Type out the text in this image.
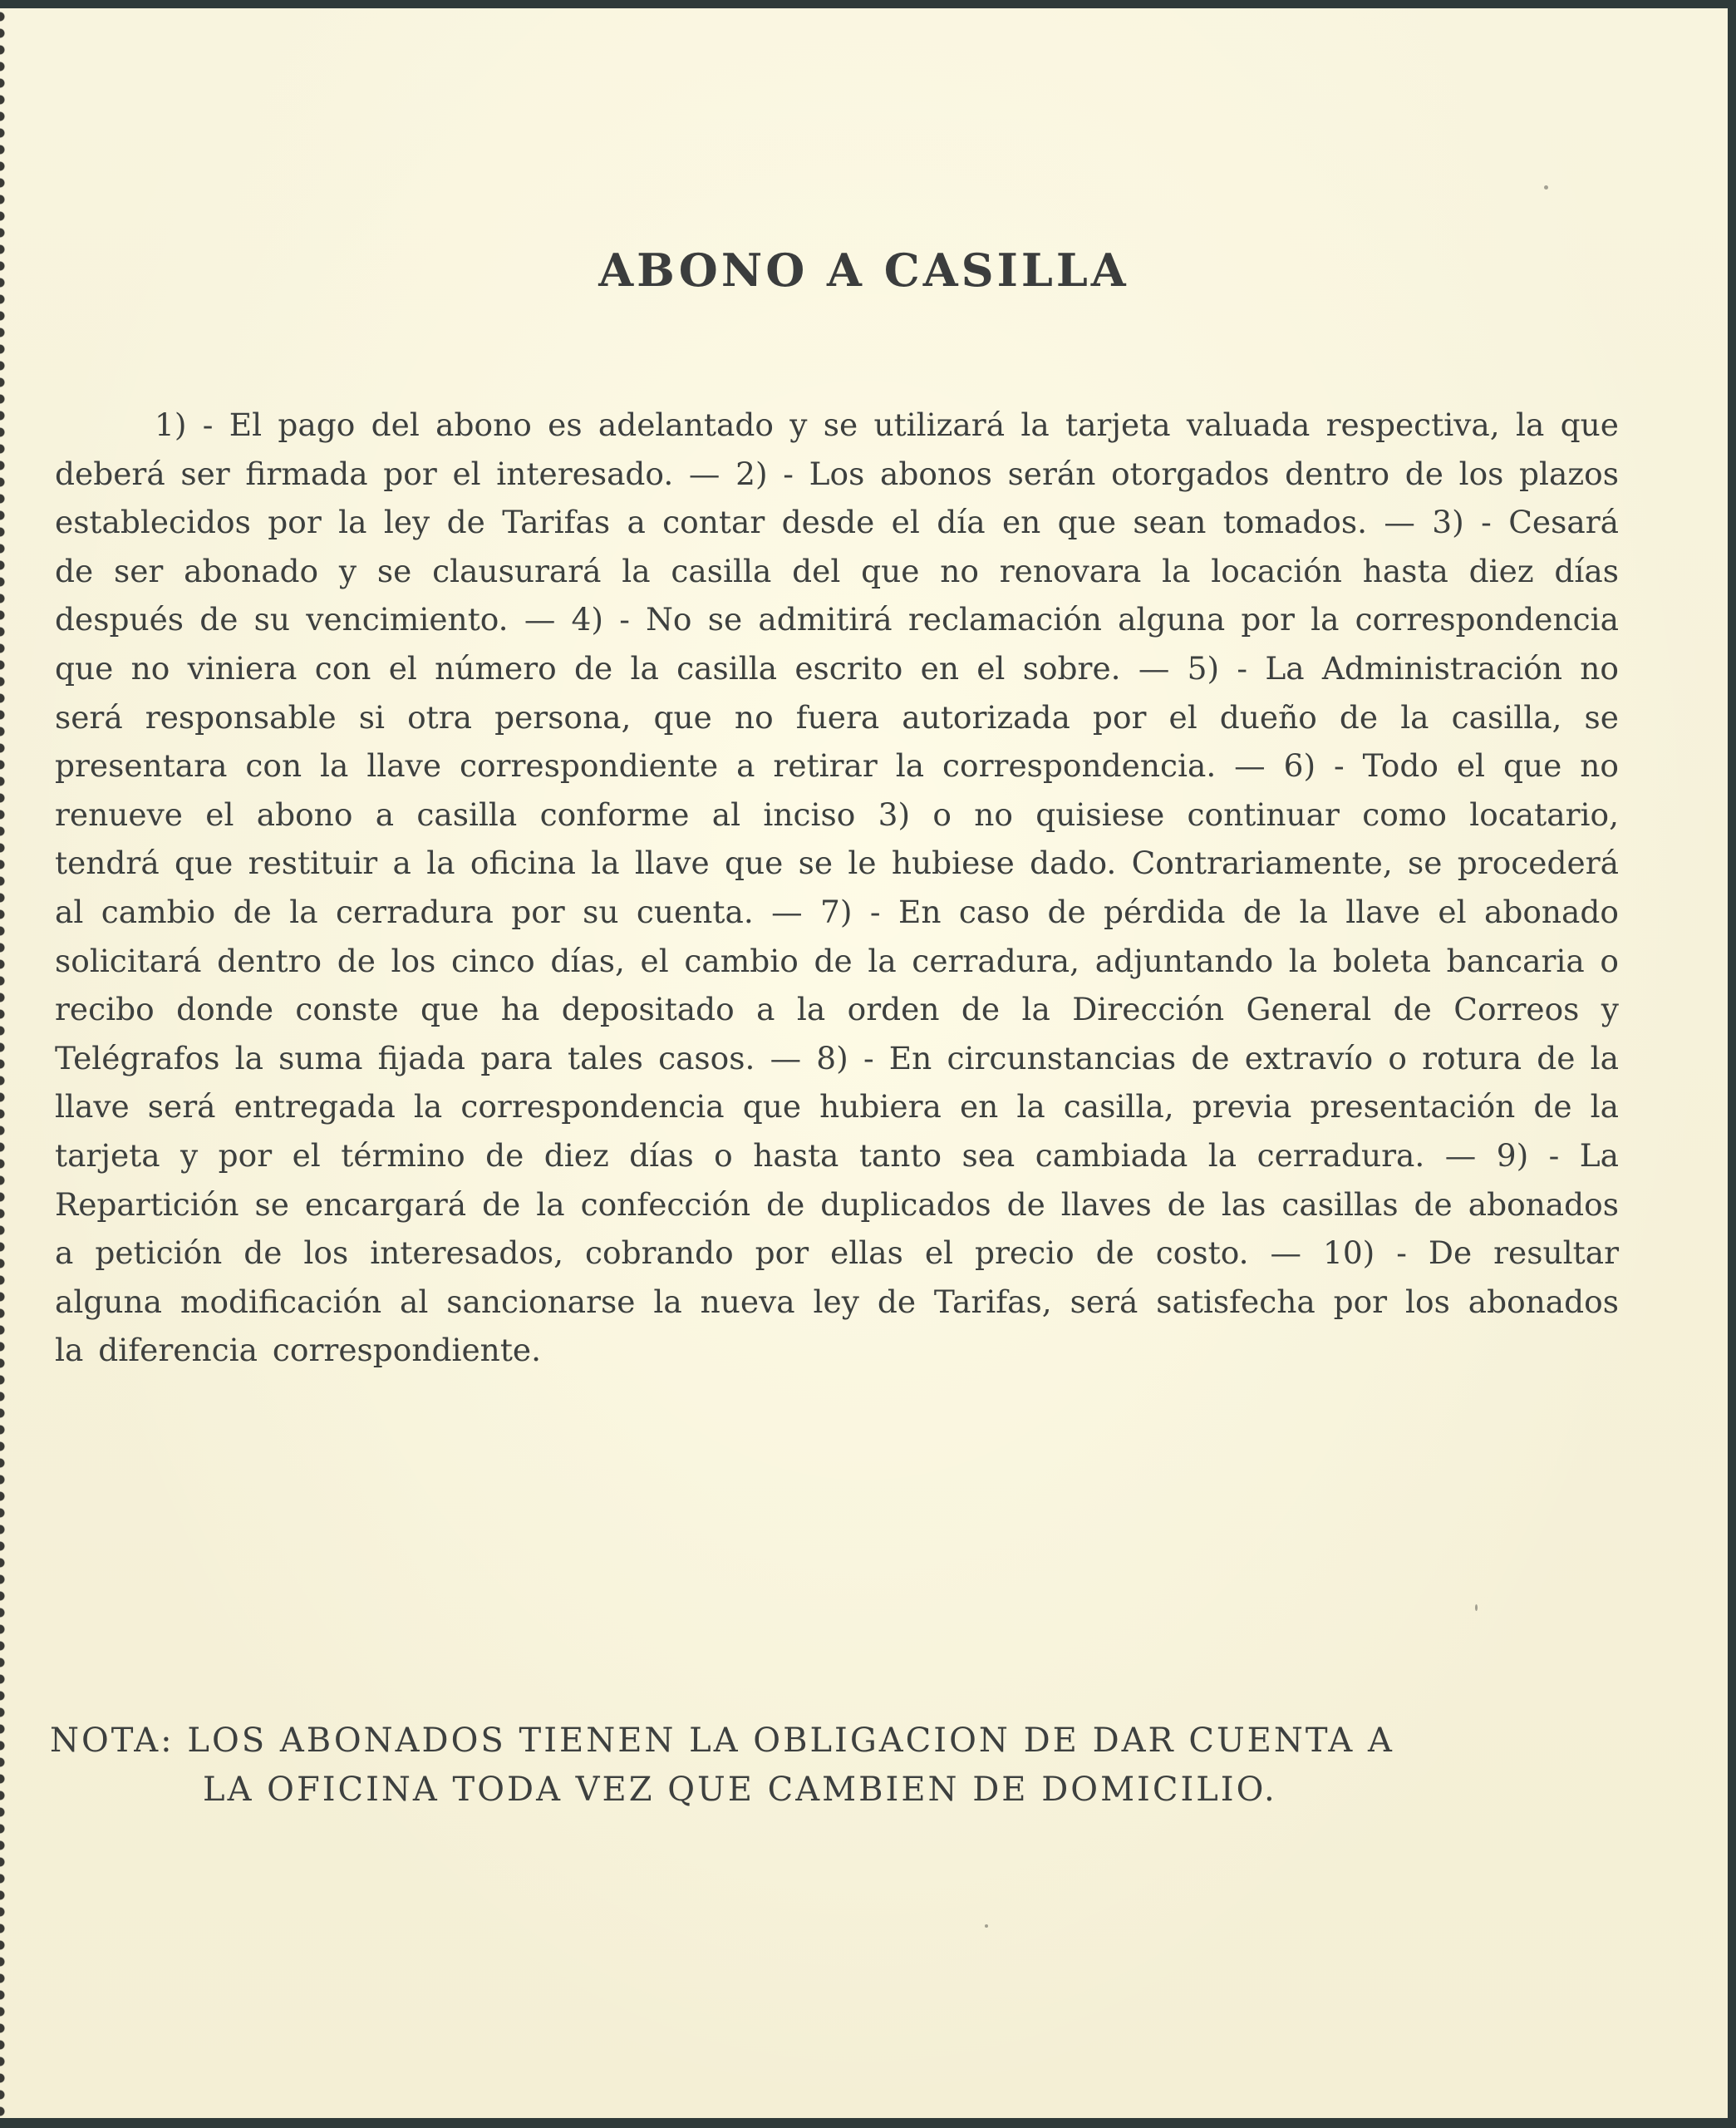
ABONO A CASILLA

1) - El pago del abono es adelantado y se utilizará la tarjeta valuada respectiva, la que deberá ser firmada por el interesado. — 2) - Los abonos serán otorgados dentro de los plazos establecidos por la ley de Tarifas a contar desde el día en que sean tomados. — 3) - Cesará de ser abonado y se clausurará la casilla del que no renovara la locación hasta diez días después de su vencimiento. — 4) - No se admitirá reclamación alguna por la correspondencia que no viniera con el número de la casilla escrito en el sobre. — 5) - La Administración no será responsable si otra persona, que no fuera autorizada por el dueño de la casilla, se presentara con la llave correspondiente a retirar la correspondencia. — 6) - Todo el que no renueve el abono a casilla conforme al inciso 3) o no quisiese continuar como locatario, tendrá que restituir a la oficina la llave que se le hubiese dado. Contrariamente, se procederá al cambio de la cerradura por su cuenta. — 7) - En caso de pérdida de la llave el abonado solicitará dentro de los cinco días, el cambio de la cerradura, adjuntando la boleta bancaria o recibo donde conste que ha depositado a la orden de la Dirección General de Correos y Telégrafos la suma fijada para tales casos. — 8) - En circunstancias de extravío o rotura de la llave será entregada la correspondencia que hubiera en la casilla, previa presentación de la tarjeta y por el término de diez días o hasta tanto sea cambiada la cerradura. — 9) - La Repartición se encargará de la confección de duplicados de llaves de las casillas de abonados a petición de los interesados, cobrando por ellas el precio de costo. — 10) - De resultar alguna modificación al sancionarse la nueva ley de Tarifas, será satisfecha por los abonados la diferencia correspondiente.

NOTA: LOS ABONADOS TIENEN LA OBLIGACION DE DAR CUENTA A
LA OFICINA TODA VEZ QUE CAMBIEN DE DOMICILIO.
